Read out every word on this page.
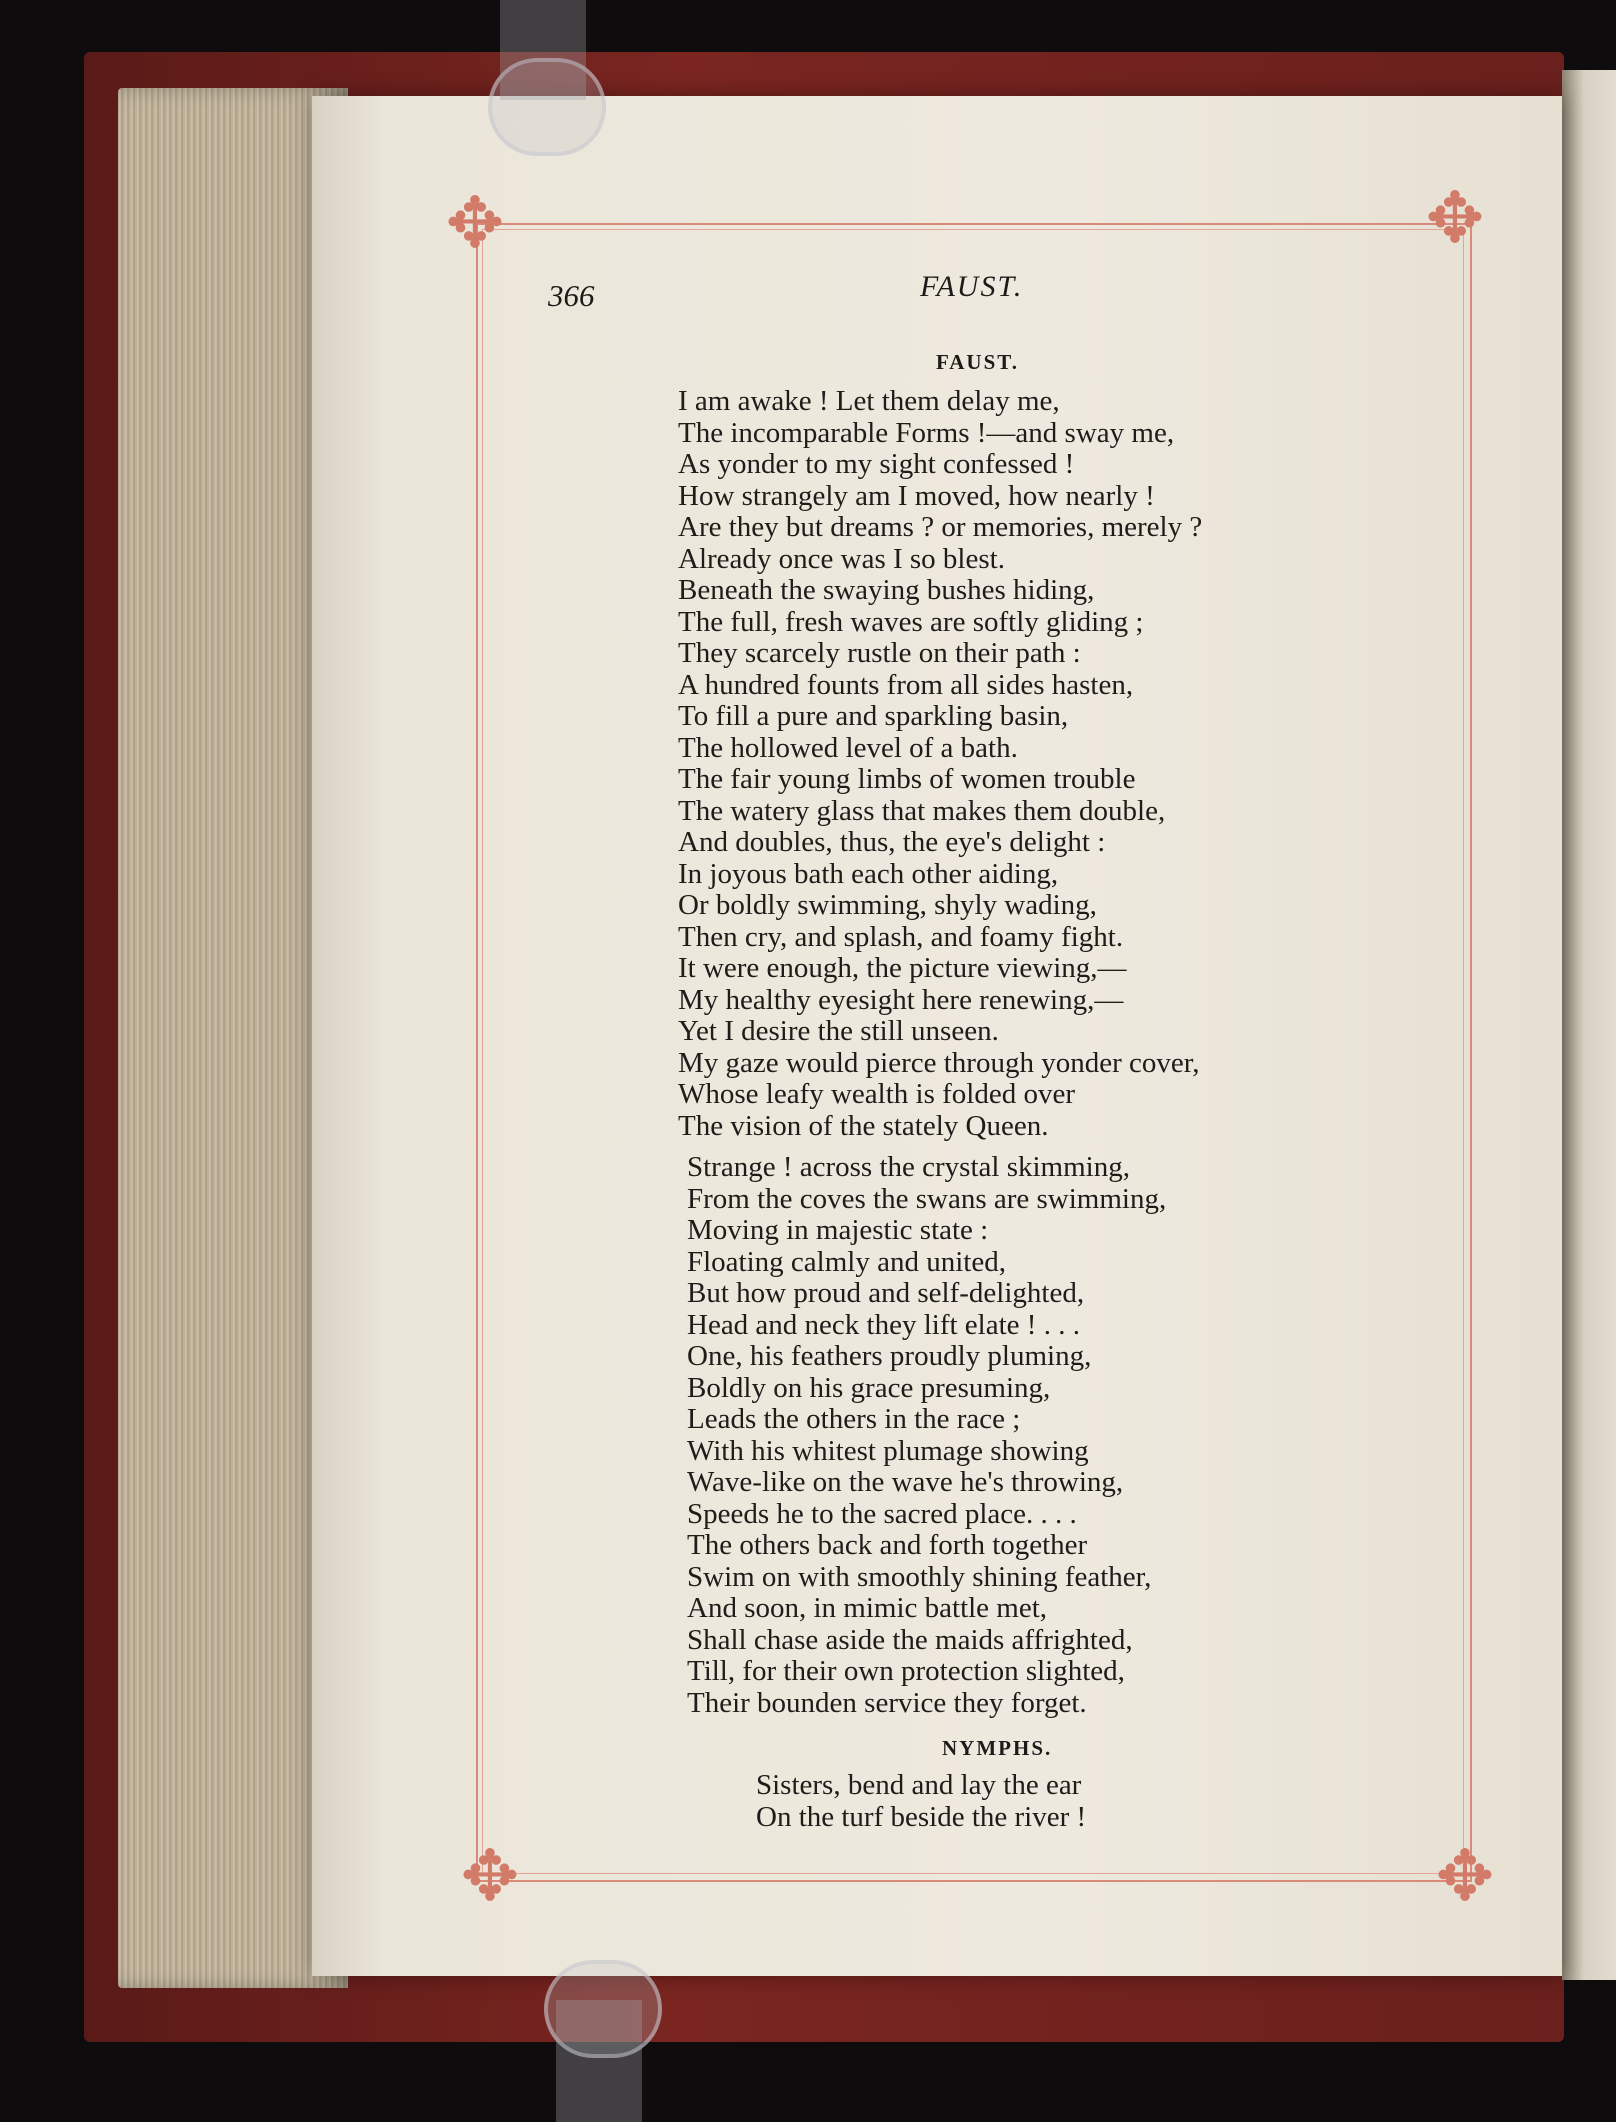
✥	✥
✥	✥
366	FAUST.
FAUST.
I am awake ! Let them delay me,
The incomparable Forms !—and sway me,
As yonder to my sight confessed !
How strangely am I moved, how nearly !
Are they but dreams ? or memories, merely ?
Already once was I so blest.
Beneath the swaying bushes hiding,
The full, fresh waves are softly gliding ;
They scarcely rustle on their path :
A hundred founts from all sides hasten,
To fill a pure and sparkling basin,
The hollowed level of a bath.
The fair young limbs of women trouble
The watery glass that makes them double,
And doubles, thus, the eye's delight :
In joyous bath each other aiding,
Or boldly swimming, shyly wading,
Then cry, and splash, and foamy fight.
It were enough, the picture viewing,—
My healthy eyesight here renewing,—
Yet I desire the still unseen.
My gaze would pierce through yonder cover,
Whose leafy wealth is folded over
The vision of the stately Queen.
Strange ! across the crystal skimming,
From the coves the swans are swimming,
Moving in majestic state :
Floating calmly and united,
But how proud and self-delighted,
Head and neck they lift elate ! . . .
One, his feathers proudly pluming,
Boldly on his grace presuming,
Leads the others in the race ;
With his whitest plumage showing
Wave-like on the wave he's throwing,
Speeds he to the sacred place. . . .
The others back and forth together
Swim on with smoothly shining feather,
And soon, in mimic battle met,
Shall chase aside the maids affrighted,
Till, for their own protection slighted,
Their bounden service they forget.
NYMPHS.
Sisters, bend and lay the ear
On the turf beside the river !
